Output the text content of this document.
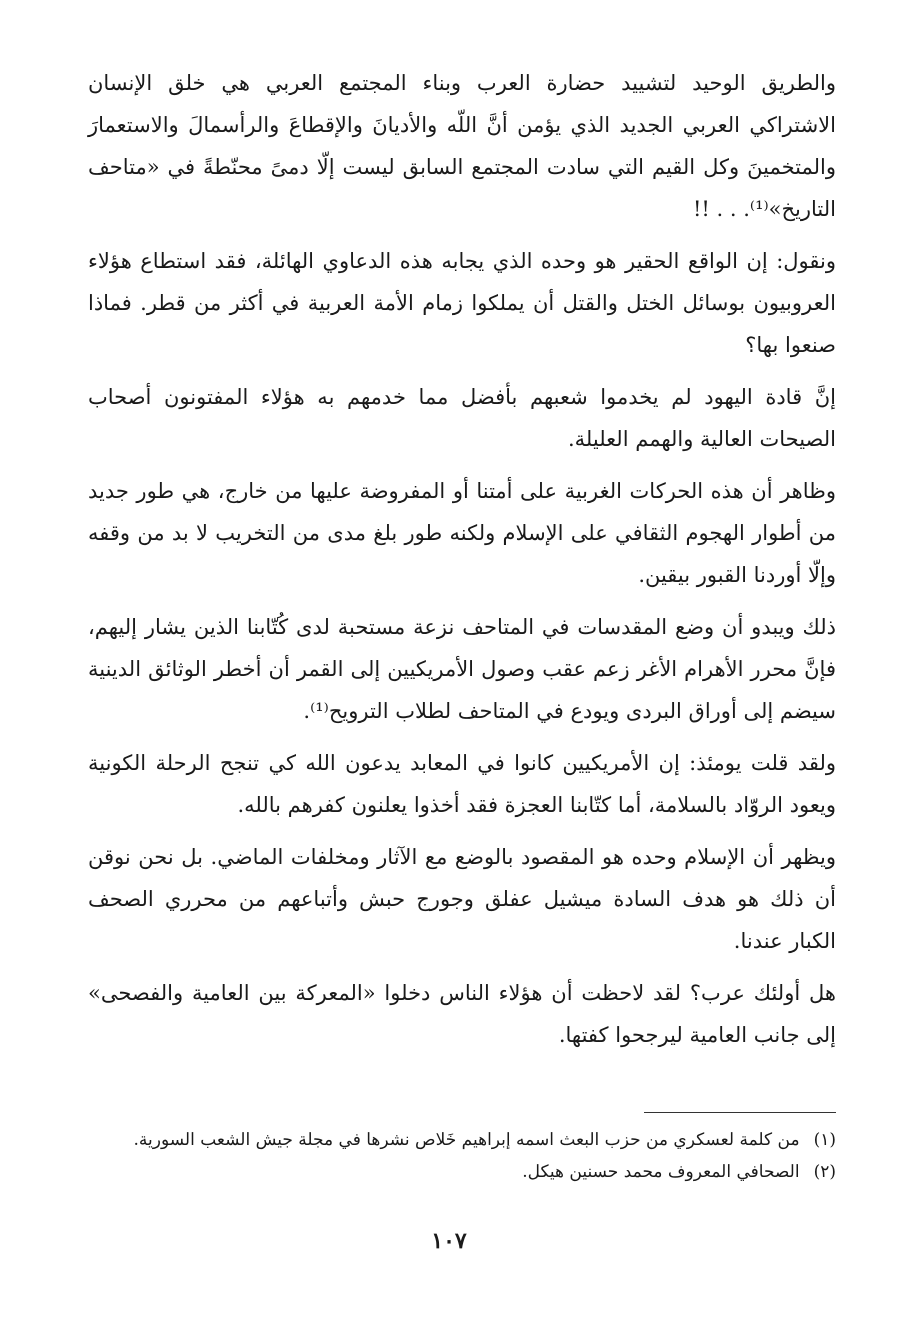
والطريق الوحيد لتشييد حضارة العرب وبناء المجتمع العربي هي خلق الإنسان الاشتراكي العربي الجديد الذي يؤمن أنَّ اللّه والأديانَ والإقطاعَ والرأسمالَ والاستعمارَ والمتخمينَ وكل القيم التي سادت المجتمع السابق ليست إلّا دمىً محنّطةً في «متاحف التاريخ»⁽¹⁾. . . !!

ونقول: إن الواقع الحقير هو وحده الذي يجابه هذه الدعاوي الهائلة، فقد استطاع هؤلاء العروبيون بوسائل الختل والقتل أن يملكوا زمام الأمة العربية في أكثر من قطر. فماذا صنعوا بها؟

إنَّ قادة اليهود لم يخدموا شعبهم بأفضل مما خدمهم به هؤلاء المفتونون أصحاب الصيحات العالية والهمم العليلة.

وظاهر أن هذه الحركات الغربية على أمتنا أو المفروضة عليها من خارج، هي طور جديد من أطوار الهجوم الثقافي على الإسلام ولكنه طور بلغ مدى من التخريب لا بد من وقفه وإلّا أوردنا القبور بيقين.

ذلك ويبدو أن وضع المقدسات في المتاحف نزعة مستحبة لدى كُتّابنا الذين يشار إليهم، فإنَّ محرر الأهرام الأغر زعم عقب وصول الأمريكيين إلى القمر أن أخطر الوثائق الدينية سيضم إلى أوراق البردى ويودع في المتاحف لطلاب الترويح⁽¹⁾.

ولقد قلت يومئذ: إن الأمريكيين كانوا في المعابد يدعون الله كي تنجح الرحلة الكونية ويعود الروّاد بالسلامة، أما كتّابنا العجزة فقد أخذوا يعلنون كفرهم بالله.

ويظهر أن الإسلام وحده هو المقصود بالوضع مع الآثار ومخلفات الماضي. بل نحن نوقن أن ذلك هو هدف السادة ميشيل عفلق وجورج حبش وأتباعهم من محرري الصحف الكبار عندنا.

هل أولئك عرب؟ لقد لاحظت أن هؤلاء الناس دخلوا «المعركة بين العامية والفصحى» إلى جانب العامية ليرجحوا كفتها.

(١)
من كلمة لعسكري من حزب البعث اسمه إبراهيم خَلاص نشرها في مجلة جيش الشعب السورية.
(٢)
الصحافي المعروف محمد حسنين هيكل.
١٠٧
